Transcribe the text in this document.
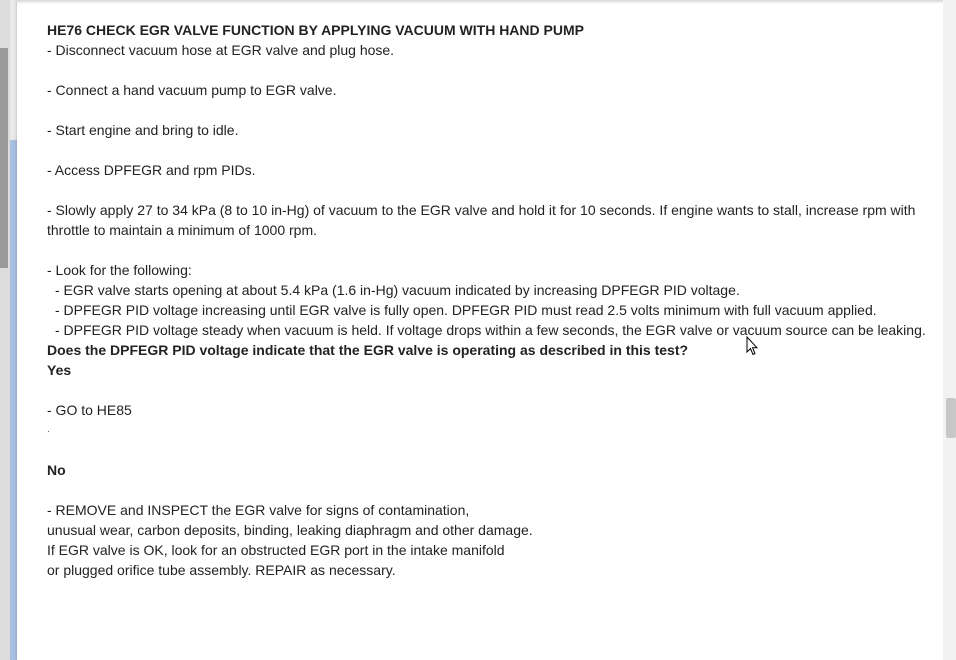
HE76 CHECK EGR VALVE FUNCTION BY APPLYING VACUUM WITH HAND PUMP

- Disconnect vacuum hose at EGR valve and plug hose.

- Connect a hand vacuum pump to EGR valve.

- Start engine and bring to idle.

- Access DPFEGR and rpm PIDs.

- Slowly apply 27 to 34 kPa (8 to 10 in-Hg) of vacuum to the EGR valve and hold it for 10 seconds. If engine wants to stall, increase rpm with throttle to maintain a minimum of 1000 rpm.

- Look for the following:

- EGR valve starts opening at about 5.4 kPa (1.6 in-Hg) vacuum indicated by increasing DPFEGR PID voltage.

- DPFEGR PID voltage increasing until EGR valve is fully open. DPFEGR PID must read 2.5 volts minimum with full vacuum applied.

- DPFEGR PID voltage steady when vacuum is held. If voltage drops within a few seconds, the EGR valve or vacuum source can be leaking.

Does the DPFEGR PID voltage indicate that the EGR valve is operating as described in this test?

Yes

- GO to HE85

.

No

- REMOVE and INSPECT the EGR valve for signs of contamination,

unusual wear, carbon deposits, binding, leaking diaphragm and other damage.

If EGR valve is OK, look for an obstructed EGR port in the intake manifold

or plugged orifice tube assembly. REPAIR as necessary.
